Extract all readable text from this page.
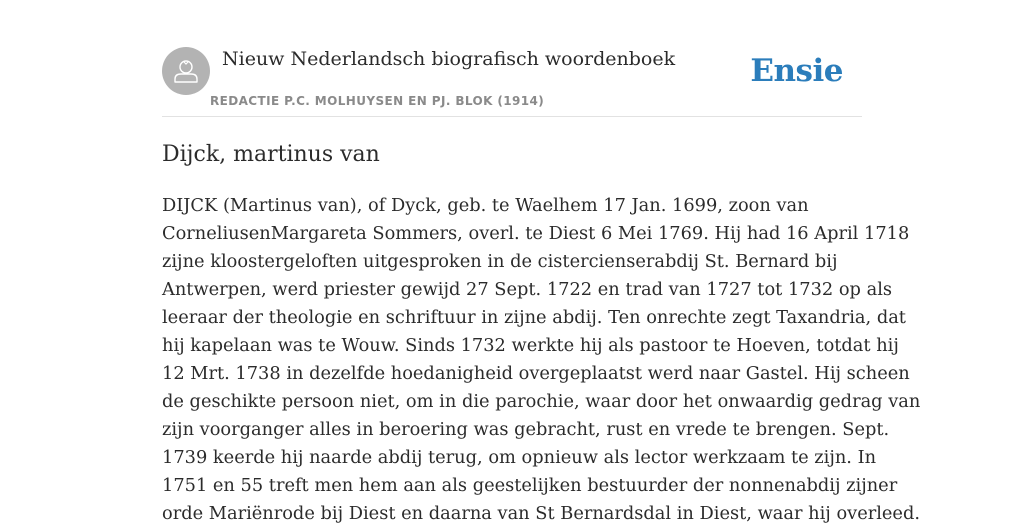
Nieuw Nederlandsch biografisch woordenboek
REDACTIE P.C. MOLHUYSEN EN PJ. BLOK (1914)
Ensie
Dijck, martinus van
DIJCK (Martinus van), of Dyck, geb. te Waelhem 17 Jan. 1699, zoon van
CorneliusenMargareta Sommers, overl. te Diest 6 Mei 1769. Hij had 16 April 1718
zijne kloostergeloften uitgesproken in de cistercienserabdij St. Bernard bij
Antwerpen, werd priester gewijd 27 Sept. 1722 en trad van 1727 tot 1732 op als
leeraar der theologie en schriftuur in zijne abdij. Ten onrechte zegt Taxandria, dat
hij kapelaan was te Wouw. Sinds 1732 werkte hij als pastoor te Hoeven, totdat hij
12 Mrt. 1738 in dezelfde hoedanigheid overgeplaatst werd naar Gastel. Hij scheen
de geschikte persoon niet, om in die parochie, waar door het onwaardig gedrag van
zijn voorganger alles in beroering was gebracht, rust en vrede te brengen. Sept.
1739 keerde hij naarde abdij terug, om opnieuw als lector werkzaam te zijn. In
1751 en 55 treft men hem aan als geestelijken bestuurder der nonnenabdij zijner
orde Mariënrode bij Diest en daarna van St Bernardsdal in Diest, waar hij overleed.
